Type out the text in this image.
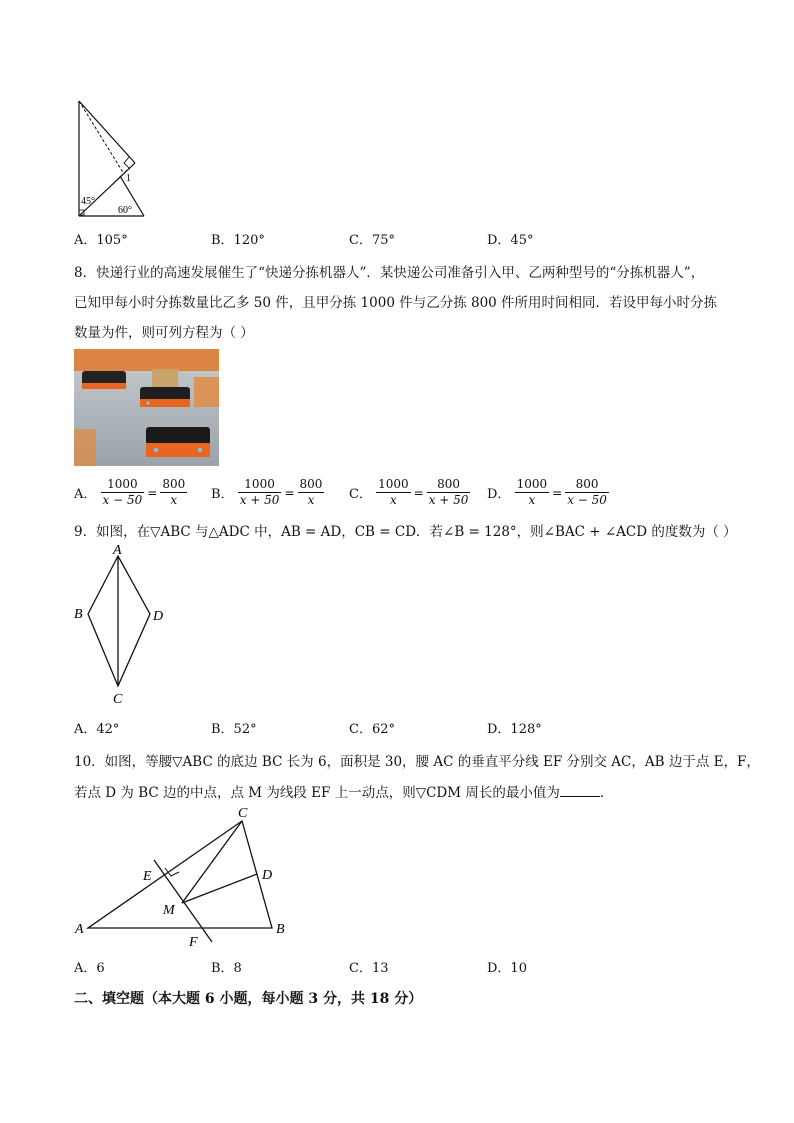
45°
60°
1
A．105°	B．120°	C．75°	D．45°
8．快递行业的高速发展催生了“快递分拣机器人”．某快递公司准备引入甲、乙两种型号的“分拣机器人”，
已知甲每小时分拣数量比乙多 50 件，且甲分拣 1000 件与乙分拣 800 件所用时间相同．若设甲每小时分拣
数量为件，则可列方程为（ ）
A． $\frac{1000}{x - 50} = \frac{800}{x}$ B． $\frac{1000}{x + 50} = \frac{800}{x}$ C． $\frac{1000}{x} = \frac{800}{x + 50}$ D． $\frac{1000}{x} = \frac{800}{x - 50}$
9．如图，在▽ABC 与△ADC 中，AB = AD，CB = CD．若∠B = 128°，则∠BAC + ∠ACD 的度数为（ ）
A
B	D
C
A．42°	B．52°	C．62°	D．128°
10．如图，等腰▽ABC 的底边 BC 长为 6，面积是 30，腰 AC 的垂直平分线 EF 分别交 AC，AB 边于点 E，F，
若点 D 为 BC 边的中点，点 M 为线段 EF 上一动点，则▽CDM 周长的最小值为	．
A	B
C
D
E
M
F
A．6	B．8	C．13	D．10
二、填空题（本大题 6 小题，每小题 3 分，共 18 分）
